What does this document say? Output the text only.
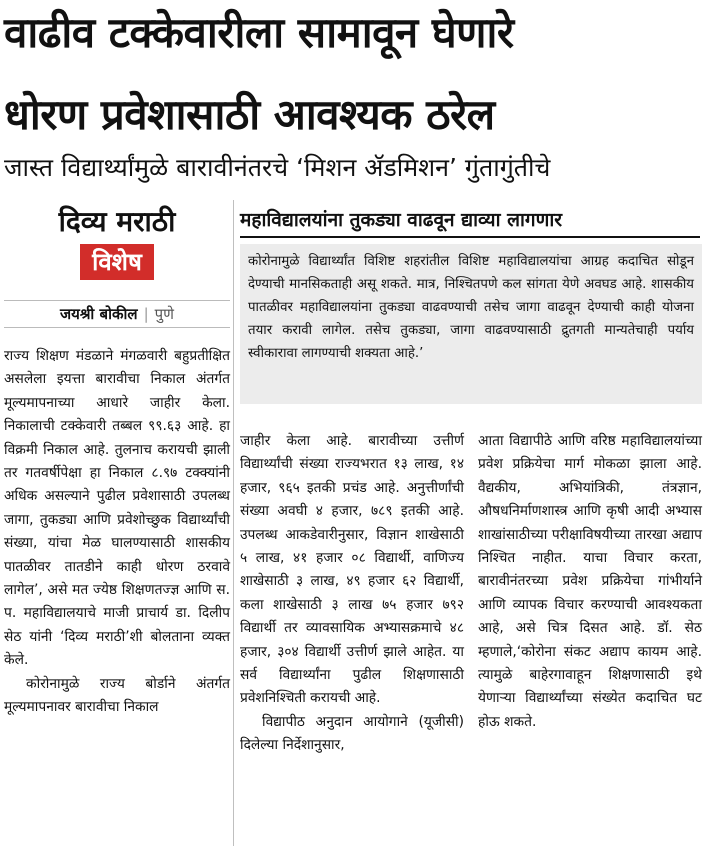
वाढीव टक्केवारीला सामावून घेणारे
धोरण प्रवेशासाठी आवश्यक ठरेल
जास्त विद्यार्थ्यांमुळे बारावीनंतरचे ‘मिशन ॲडमिशन’ गुंतागुंतीचे
दिव्य मराठी
विशेष
जयश्री बोकील | पुणे
महाविद्यालयांना तुकड्या वाढवून द्याव्या लागणार
कोरोनामुळे विद्यार्थ्यांत विशिष्ट शहरांतील विशिष्ट महाविद्यालयांचा आग्रह कदाचित सोडून देण्याची मानसिकताही असू शकते. मात्र, निश्चितपणे कल सांगता येणे अवघड आहे. शासकीय पातळीवर महाविद्यालयांना तुकड्या वाढवण्याची तसेच जागा वाढवून देण्याची काही योजना तयार करावी लागेल. तसेच तुकड्या, जागा वाढवण्यासाठी द्रुतगती मान्यतेचाही पर्याय स्वीकारावा लागण्याची शक्यता आहे.’

राज्य शिक्षण मंडळाने मंगळवारी बहुप्रतीक्षित असलेला इयत्ता बारावीचा निकाल अंतर्गत मूल्यमापनाच्या आधारे जाहीर केला. निकालाची टक्केवारी तब्बल ९९.६३ आहे. हा विक्रमी निकाल आहे. तुलनाच करायची झाली तर गतवर्षीपेक्षा हा निकाल ८.९७ टक्क्यांनी अधिक असल्याने पुढील प्रवेशासाठी उपलब्ध जागा, तुकड्या आणि प्रवेशोच्छुक विद्यार्थ्यांची संख्या, यांचा मेळ घालण्यासाठी शासकीय पातळीवर तातडीने काही धोरण ठरवावे लागेल’, असे मत ज्येष्ठ शिक्षणतज्ज्ञ आणि स. प. महाविद्यालयाचे माजी प्राचार्य डा. दिलीप सेठ यांनी ‘दिव्य मराठी’शी बोलताना व्यक्त केले.

कोरोनामुळे राज्य बोर्डाने अंतर्गत मूल्यमापनावर बारावीचा निकाल

जाहीर केला आहे. बारावीच्या उत्तीर्ण विद्यार्थ्यांची संख्या राज्यभरात १३ लाख, १४ हजार, ९६५ इतकी प्रचंड आहे. अनुत्तीर्णांची संख्या अवघी ४ हजार, ७८९ इतकी आहे. उपलब्ध आकडेवारीनुसार, विज्ञान शाखेसाठी ५ लाख, ४१ हजार ०८ विद्यार्थी, वाणिज्य शाखेसाठी ३ लाख, ४९ हजार ६२ विद्यार्थी, कला शाखेसाठी ३ लाख ७५ हजार ७९२ विद्यार्थी तर व्यावसायिक अभ्यासक्रमाचे ४८ हजार, ३०४ विद्यार्थी उत्तीर्ण झाले आहेत. या सर्व विद्यार्थ्यांना पुढील शिक्षणासाठी प्रवेशनिश्चिती करायची आहे.

विद्यापीठ अनुदान आयोगाने (यूजीसी) दिलेल्या निर्देशानुसार,

आता विद्यापीठे आणि वरिष्ठ महाविद्यालयांच्या प्रवेश प्रक्रियेचा मार्ग मोकळा झाला आहे. वैद्यकीय, अभियांत्रिकी, तंत्रज्ञान, औषधनिर्माणशास्त्र आणि कृषी आदी अभ्यास शाखांसाठीच्या परीक्षाविषयीच्या तारखा अद्याप निश्चित नाहीत. याचा विचार करता, बारावीनंतरच्या प्रवेश प्रक्रियेचा गांभीर्याने आणि व्यापक विचार करण्याची आवश्यकता आहे, असे चित्र दिसत आहे. डॉ. सेठ म्हणाले,‘कोरोना संकट अद्याप कायम आहे. त्यामुळे बाहेरगावाहून शिक्षणासाठी इथे येणाऱ्या विद्यार्थ्यांच्या संख्येत कदाचित घट होऊ शकते.
